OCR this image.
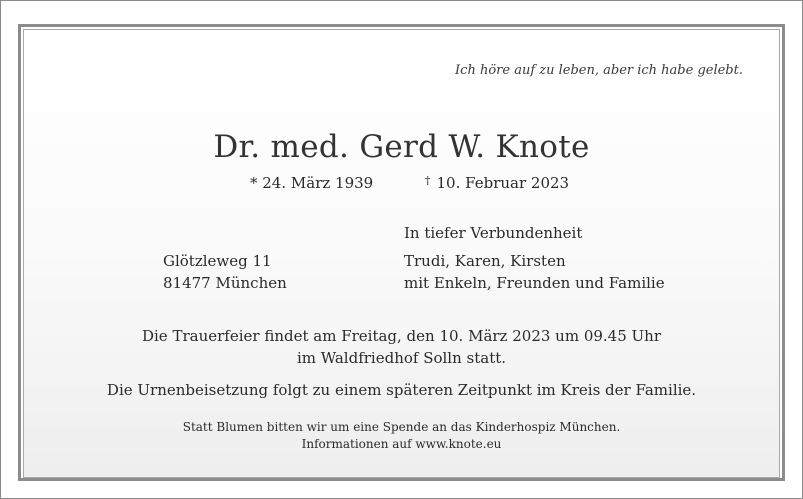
Ich höre auf zu leben, aber ich habe gelebt.
Dr. med. Gerd W. Knote
* 24. März 1939	† 10. Februar 2023
In tiefer Verbundenheit
Glötzleweg 11
81477 München
Trudi, Karen, Kirsten
mit Enkeln, Freunden und Familie
Die Trauerfeier findet am Freitag, den 10. März 2023 um 09.45 Uhr
im Waldfriedhof Solln statt.
Die Urnenbeisetzung folgt zu einem späteren Zeitpunkt im Kreis der Familie.
Statt Blumen bitten wir um eine Spende an das Kinderhospiz München.
Informationen auf www.knote.eu
